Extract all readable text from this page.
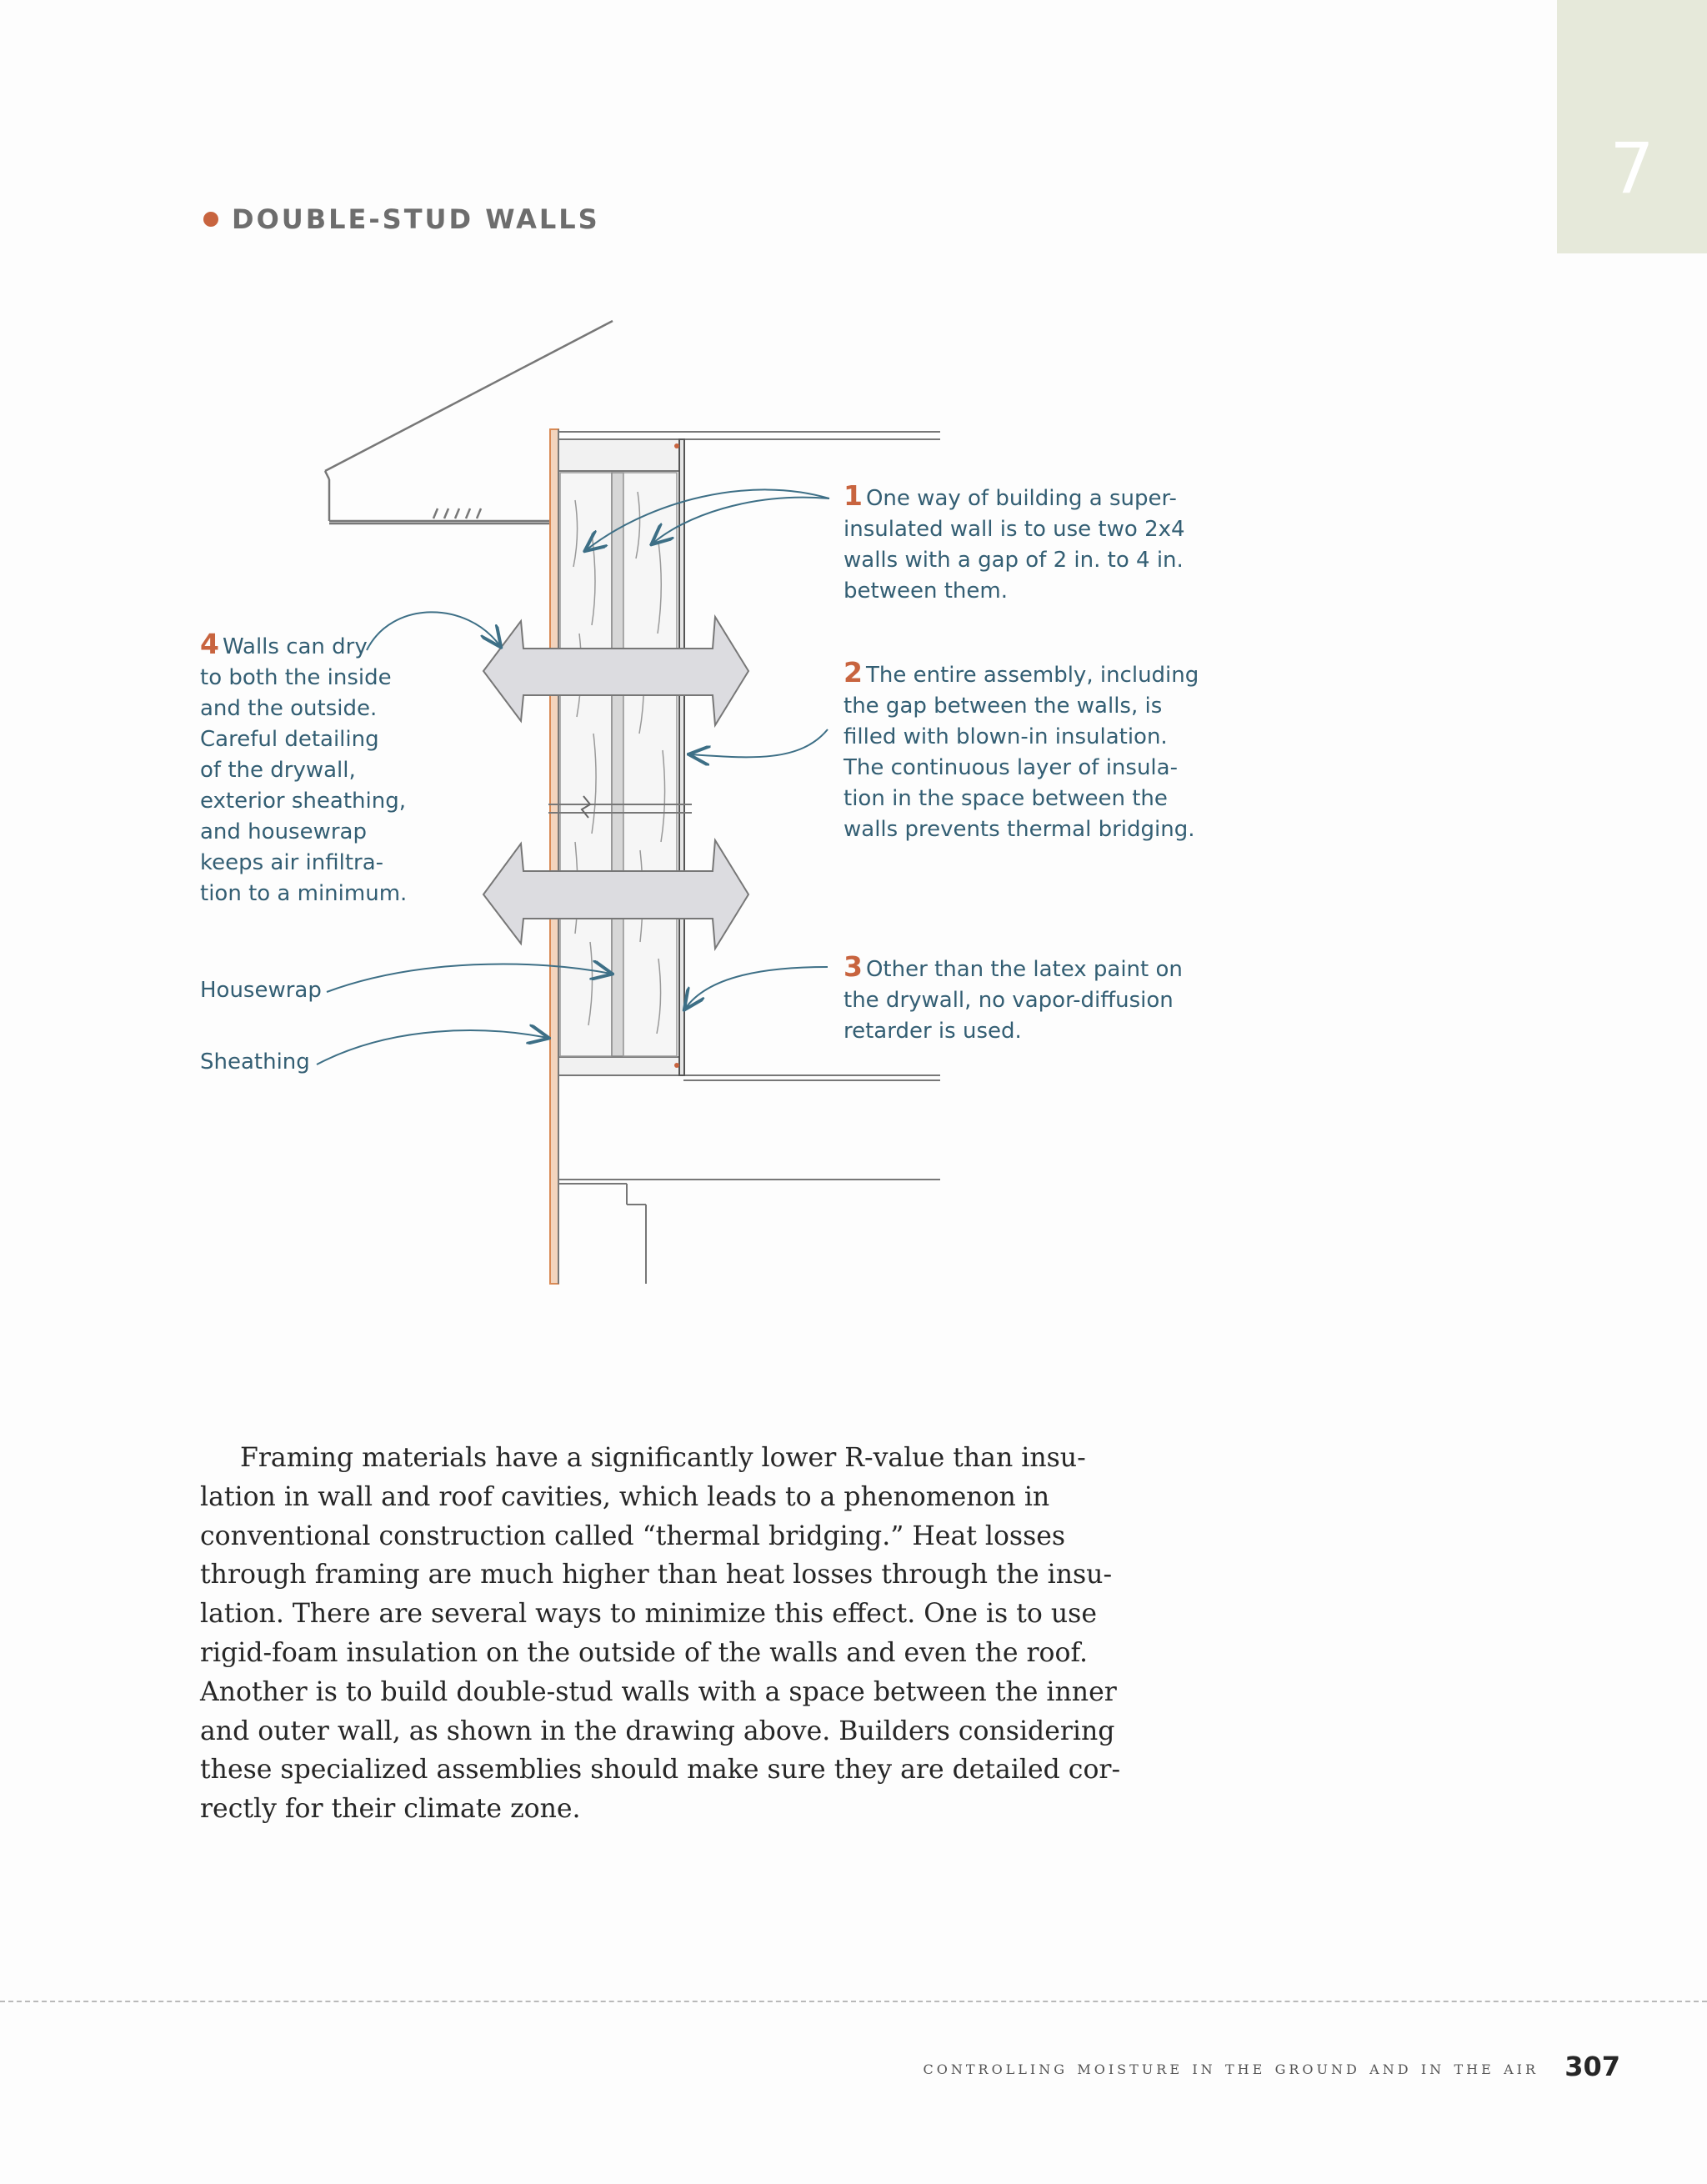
7
DOUBLE-STUD WALLS
1 One way of building a super-
insulated wall is to use two 2x4
walls with a gap of 2 in. to 4 in.
between them.
2 The entire assembly, including
the gap between the walls, is
filled with blown-in insulation.
The continuous layer of insula-
tion in the space between the
walls prevents thermal bridging.
3 Other than the latex paint on
the drywall, no vapor-diffusion
retarder is used.
4 Walls can dry
to both the inside
and the outside.
Careful detailing
of the drywall,
exterior sheathing,
and housewrap
keeps air infiltra-
tion to a minimum.
Housewrap
Sheathing
Framing materials have a significantly lower R-value than insu-
lation in wall and roof cavities, which leads to a phenomenon in
conventional construction called “thermal bridging.” Heat losses
through framing are much higher than heat losses through the insu-
lation. There are several ways to minimize this effect. One is to use
rigid-foam insulation on the outside of the walls and even the roof.
Another is to build double-stud walls with a space between the inner
and outer wall, as shown in the drawing above. Builders considering
these specialized assemblies should make sure they are detailed cor-
rectly for their climate zone.
controlling moisture in the ground and in the air 307
